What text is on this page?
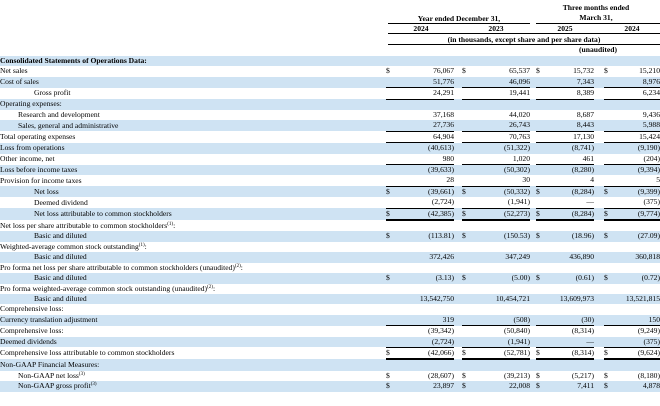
Year ended December 31,
Three months ended
March 31,
2024	2023	2025	2024
(in thousands, except share and per share data)
(unaudited)
Consolidated Statements of Operations Data:											
Net sales	$	76,067		$	65,537		$	15,732		$	15,210
Cost of sales		51,776			46,096			7,343			8,976
Gross profit		24,291			19,441			8,389			6,234
Operating expenses:											
Research and development		37,168			44,020			8,687			9,436
Sales, general and administrative		27,736			26,743			8,443			5,988
Total operating expenses		64,904			70,763			17,130			15,424
Loss from operations		(40,613)			(51,322)			(8,741)			(9,190)
Other income, net		980			1,020			461			(204)
Loss before income taxes		(39,633)			(50,302)			(8,280)			(9,394)
Provision for income taxes		28			30			4			5
Net loss	$	(39,661)		$	(50,332)		$	(8,284)		$	(9,399)
Deemed dividend		(2,724)			(1,941)			—			(375)
Net loss attributable to common stockholders	$	(42,385)		$	(52,273)		$	(8,284)		$	(9,774)
Net loss per share attributable to common stockholders$^{(1)}$:											
Basic and diluted	$	(113.81)		$	(150.53)		$	(18.96)		$	(27.09)
Weighted-average common stock outstanding$^{(1)}$:											
Basic and diluted		372,426			347,249			436,890			360,818
Pro forma net loss per share attributable to common stockholders (unaudited)$^{(2)}$:											
Basic and diluted	$	(3.13)		$	(5.00)		$	(0.61)		$	(0.72)
Pro forma weighted-average common stock outstanding (unaudited)$^{(2)}$:											
Basic and diluted		13,542,750			10,454,721			13,609,973			13,521,815
Comprehensive loss:											
Currency translation adjustment		319			(508)			(30)			150
Comprehensive loss:		(39,342)			(50,840)			(8,314)			(9,249)
Deemed dividends		(2,724)			(1,941)			—			(375)
Comprehensive loss attributable to common stockholders	$	(42,066)		$	(52,781)		$	(8,314)		$	(9,624)
Non-GAAP Financial Measures:											
Non-GAAP net loss$^{(3)}$	$	(28,607)		$	(39,213)		$	(5,217)		$	(8,180)
Non-GAAP gross profit$^{(3)}$	$	23,897		$	22,008		$	7,411		$	4,878
